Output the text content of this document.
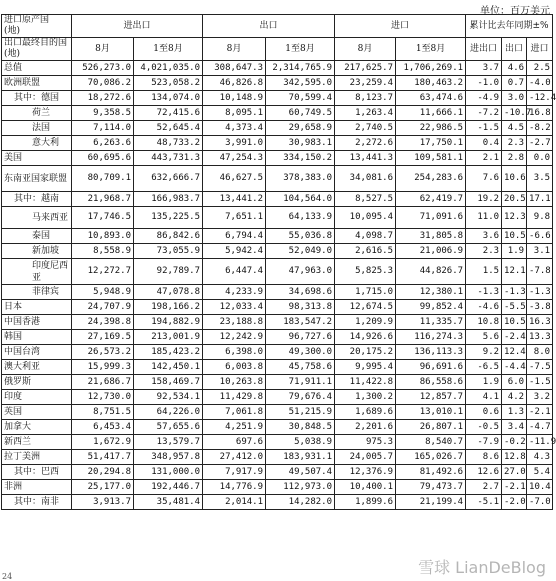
单位：百万美元
进口原产国
(地)	进出口		出口		进口		累计比去年同期±%		
出口最终目的国
(地)	8月	1至8月	8月	1至8月	8月	1至8月	进出口	出口	进口
总值	526,273.0	4,021,035.0	308,647.3	2,314,765.9	217,625.7	1,706,269.1	3.7	4.6	2.5
欧洲联盟	70,086.2	523,058.2	46,826.8	342,595.0	23,259.4	180,463.2	-1.0	0.7	-4.0
其中：德国	18,272.6	134,074.0	10,148.9	70,599.4	8,123.7	63,474.6	-4.9	3.0	-12.4
荷兰	9,358.5	72,415.6	8,095.1	60,749.5	1,263.4	11,666.1	-7.2	-10.7	16.8
法国	7,114.0	52,645.4	4,373.4	29,658.9	2,740.5	22,986.5	-1.5	4.5	-8.2
意大利	6,263.6	48,733.2	3,991.0	30,983.1	2,272.6	17,750.1	0.4	2.3	-2.7
美国	60,695.6	443,731.3	47,254.3	334,150.2	13,441.3	109,581.1	2.1	2.8	0.0
东南亚国家联盟	80,709.1	632,666.7	46,627.5	378,383.0	34,081.6	254,283.6	7.6	10.6	3.5
其中：越南	21,968.7	166,983.7	13,441.2	104,564.0	8,527.5	62,419.7	19.2	20.5	17.1
马来西亚	17,746.5	135,225.5	7,651.1	64,133.9	10,095.4	71,091.6	11.0	12.3	9.8
泰国	10,893.0	86,842.6	6,794.4	55,036.8	4,098.7	31,805.8	3.6	10.5	-6.6
新加坡	8,558.9	73,055.9	5,942.4	52,049.0	2,616.5	21,006.9	2.3	1.9	3.1
印度尼西亚	12,272.7	92,789.7	6,447.4	47,963.0	5,825.3	44,826.7	1.5	12.1	-7.8
菲律宾	5,948.9	47,078.8	4,233.9	34,698.6	1,715.0	12,380.1	-1.3	-1.3	-1.3
日本	24,707.9	198,166.2	12,033.4	98,313.8	12,674.5	99,852.4	-4.6	-5.5	-3.8
中国香港	24,398.8	194,882.9	23,188.8	183,547.2	1,209.9	11,335.7	10.8	10.5	16.3
韩国	27,169.5	213,001.9	12,242.9	96,727.6	14,926.6	116,274.3	5.6	-2.4	13.3
中国台湾	26,573.2	185,423.2	6,398.0	49,300.0	20,175.2	136,113.3	9.2	12.4	8.0
澳大利亚	15,999.3	142,450.1	6,003.8	45,758.6	9,995.4	96,691.6	-6.5	-4.4	-7.5
俄罗斯	21,686.7	158,469.7	10,263.8	71,911.1	11,422.8	86,558.6	1.9	6.0	-1.5
印度	12,730.0	92,534.1	11,429.8	79,676.4	1,300.2	12,857.7	4.1	4.2	3.2
英国	8,751.5	64,226.0	7,061.8	51,215.9	1,689.6	13,010.1	0.6	1.3	-2.1
加拿大	6,453.4	57,655.6	4,251.9	30,848.5	2,201.6	26,807.1	-0.5	3.4	-4.7
新西兰	1,672.9	13,579.7	697.6	5,038.9	975.3	8,540.7	-7.9	-0.2	-11.9
拉丁美洲	51,417.7	348,957.8	27,412.0	183,931.1	24,005.7	165,026.7	8.6	12.8	4.3
其中：巴西	20,294.8	131,000.0	7,917.9	49,507.4	12,376.9	81,492.6	12.6	27.0	5.4
非洲	25,177.0	192,446.7	14,776.9	112,973.0	10,400.1	79,473.7	2.7	-2.1	10.4
其中：南非	3,913.7	35,481.4	2,014.1	14,282.0	1,899.6	21,199.4	-5.1	-2.0	-7.0
雪球 LianDeBlog
24
